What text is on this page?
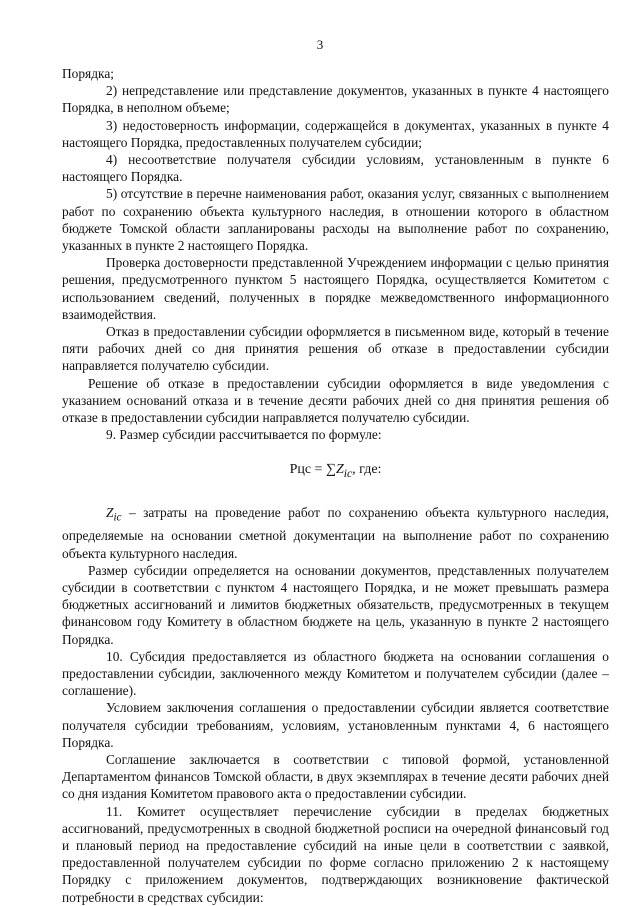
3

Порядка;

2) непредставление или представление документов, указанных в пункте 4 настоящего Порядка, в неполном объеме;

3) недостоверность информации, содержащейся в документах, указанных в пункте 4 настоящего Порядка, предоставленных получателем субсидии;

4) несоответствие получателя субсидии условиям, установленным в пункте 6 настоящего Порядка.

5) отсутствие в перечне наименования работ, оказания услуг, связанных с выполнением работ по сохранению объекта культурного наследия, в отношении которого в областном бюджете Томской области запланированы расходы на выполнение работ по сохранению, указанных в пункте 2 настоящего Порядка.

Проверка достоверности представленной Учреждением информации с целью принятия решения, предусмотренного пунктом 5 настоящего Порядка, осуществляется Комитетом с использованием сведений, полученных в порядке межведомственного информационного взаимодействия.

Отказ в предоставлении субсидии оформляется в письменном виде, который в течение пяти рабочих дней со дня принятия решения об отказе в предоставлении субсидии направляется получателю субсидии.

Решение об отказе в предоставлении субсидии оформляется в виде уведомления с указанием оснований отказа и в течение десяти рабочих дней со дня принятия решения об отказе в предоставлении субсидии направляется получателю субсидии.

9. Размер субсидии рассчитывается по формуле:

Рцс = $\sum Z_{ic}$, где:

$Z_{ic}$ – затраты на проведение работ по сохранению объекта культурного наследия, определяемые на основании сметной документации на выполнение работ по сохранению объекта культурного наследия.

Размер субсидии определяется на основании документов, представленных получателем субсидии в соответствии с пунктом 4 настоящего Порядка, и не может превышать размера бюджетных ассигнований и лимитов бюджетных обязательств, предусмотренных в текущем финансовом году Комитету в областном бюджете на цель, указанную в пункте 2 настоящего Порядка.

10. Субсидия предоставляется из областного бюджета на основании соглашения о предоставлении субсидии, заключенного между Комитетом и получателем субсидии (далее – соглашение).

Условием заключения соглашения о предоставлении субсидии является соответствие получателя субсидии требованиям, условиям, установленным пунктами 4, 6 настоящего Порядка.

Соглашение заключается в соответствии с типовой формой, установленной Департаментом финансов Томской области, в двух экземплярах в течение десяти рабочих дней со дня издания Комитетом правового акта о предоставлении субсидии.

11. Комитет осуществляет перечисление субсидии в пределах бюджетных ассигнований, предусмотренных в сводной бюджетной росписи на очередной финансовый год и плановый период на предоставление субсидий на иные цели в соответствии с заявкой, предоставленной получателем субсидии по форме согласно приложению 2 к настоящему Порядку с приложением документов, подтверждающих возникновение фактической потребности в средствах субсидии:
